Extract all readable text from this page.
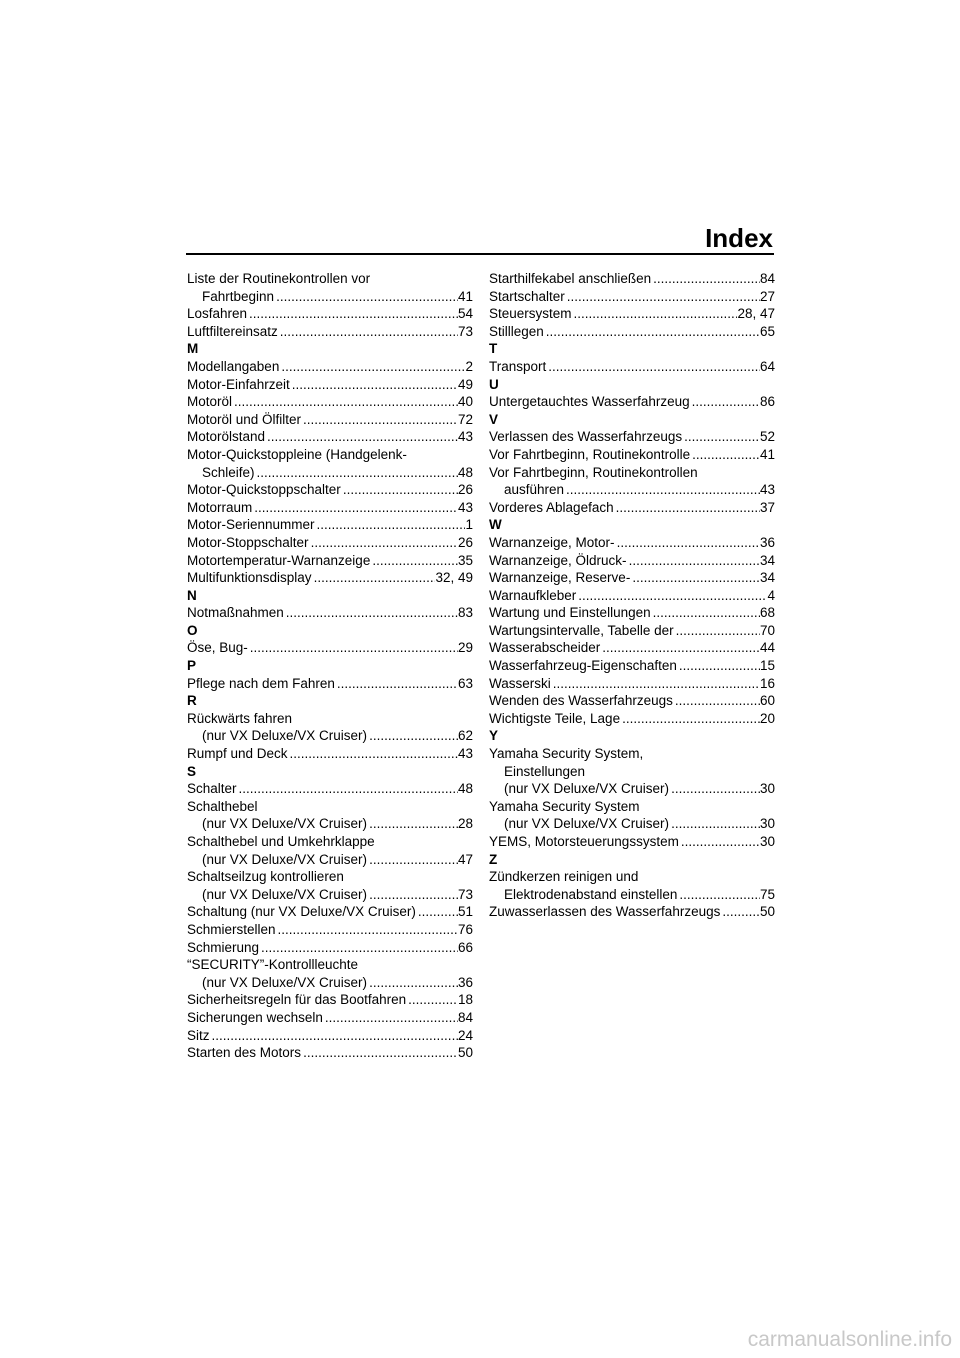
Index
Liste der Routinekontrollen vor
Fahrtbeginn .....	41
Losfahren .....	54
Luftfiltereinsatz .....	73
M
Modellangaben .....	2
Motor-Einfahrzeit .....	49
Motoröl .....	40
Motoröl und Ölfilter .....	72
Motorölstand .....	43
Motor-Quickstoppleine (Handgelenk-
Schleife) .....	48
Motor-Quickstoppschalter .....	26
Motorraum .....	43
Motor-Seriennummer .....	1
Motor-Stoppschalter .....	26
Motortemperatur-Warnanzeige .....	35
Multifunktionsdisplay .....	32, 49
N
Notmaßnahmen .....	83
O
Öse, Bug- .....	29
P
Pflege nach dem Fahren .....	63
R
Rückwärts fahren
(nur VX Deluxe/VX Cruiser) .....	62
Rumpf und Deck .....	43
S
Schalter .....	48
Schalthebel
(nur VX Deluxe/VX Cruiser) .....	28
Schalthebel und Umkehrklappe
(nur VX Deluxe/VX Cruiser) .....	47
Schaltseilzug kontrollieren
(nur VX Deluxe/VX Cruiser) .....	73
Schaltung (nur VX Deluxe/VX Cruiser) .....	51
Schmierstellen .....	76
Schmierung .....	66
“SECURITY”-Kontrollleuchte
(nur VX Deluxe/VX Cruiser) .....	36
Sicherheitsregeln für das Bootfahren .....	18
Sicherungen wechseln .....	84
Sitz .....	24
Starten des Motors .....	50
Starthilfekabel anschließen .....	84
Startschalter .....	27
Steuersystem .....	28, 47
Stilllegen .....	65
T
Transport .....	64
U
Untergetauchtes Wasserfahrzeug .....	86
V
Verlassen des Wasserfahrzeugs .....	52
Vor Fahrtbeginn, Routinekontrolle .....	41
Vor Fahrtbeginn, Routinekontrollen
ausführen .....	43
Vorderes Ablagefach .....	37
W
Warnanzeige, Motor- .....	36
Warnanzeige, Öldruck- .....	34
Warnanzeige, Reserve- .....	34
Warnaufkleber .....	4
Wartung und Einstellungen .....	68
Wartungsintervalle, Tabelle der .....	70
Wasserabscheider .....	44
Wasserfahrzeug-Eigenschaften .....	15
Wasserski .....	16
Wenden des Wasserfahrzeugs .....	60
Wichtigste Teile, Lage .....	20
Y
Yamaha Security System,
Einstellungen
(nur VX Deluxe/VX Cruiser) .....	30
Yamaha Security System
(nur VX Deluxe/VX Cruiser) .....	30
YEMS, Motorsteuerungssystem .....	30
Z
Zündkerzen reinigen und
Elektrodenabstand einstellen .....	75
Zuwasserlassen des Wasserfahrzeugs .....	50
carmanualsonline.info
